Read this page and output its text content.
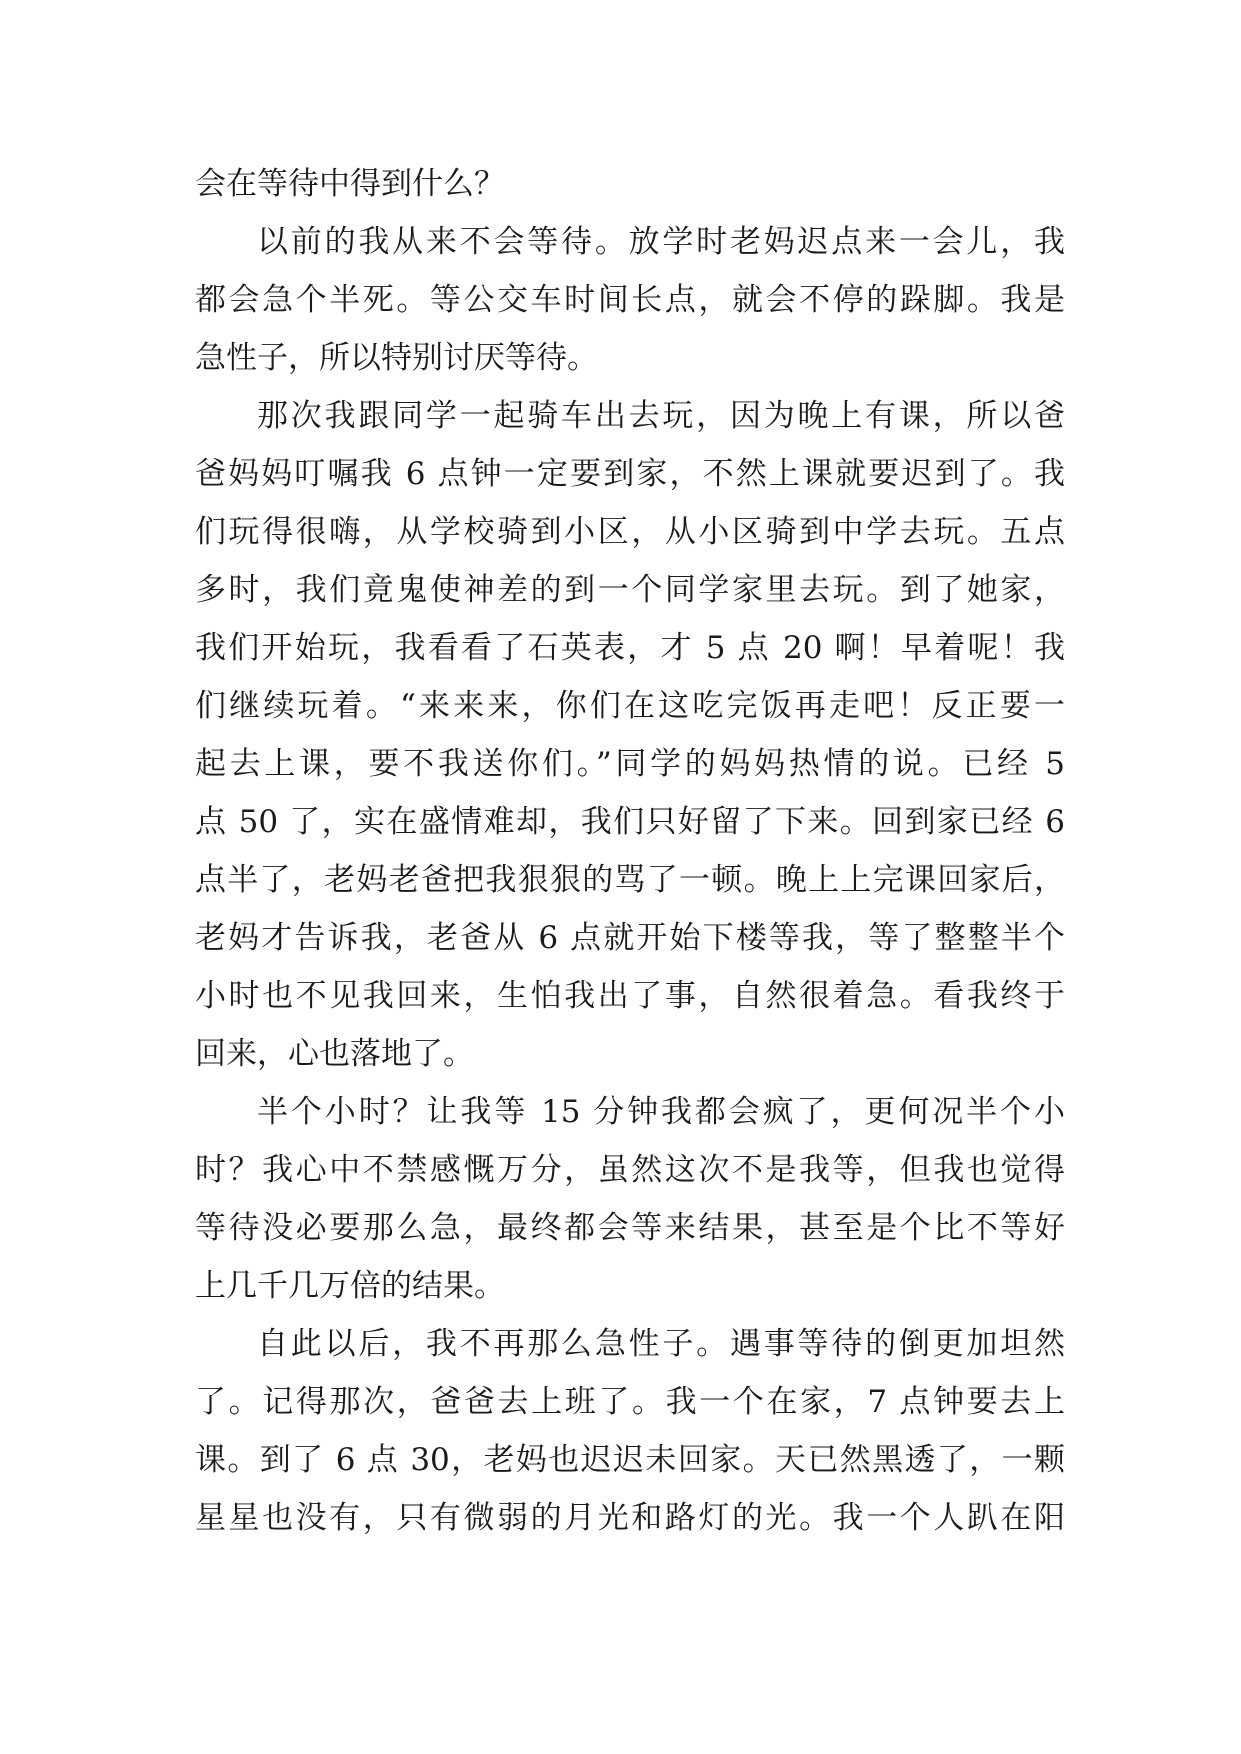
会在等待中得到什么？
以前的我从来不会等待。放学时老妈迟点来一会儿，我
都会急个半死。等公交车时间长点，就会不停的跺脚。我是
急性子，所以特别讨厌等待。
那次我跟同学一起骑车出去玩，因为晚上有课，所以爸
爸妈妈叮嘱我 6 点钟一定要到家，不然上课就要迟到了。我
们玩得很嗨，从学校骑到小区，从小区骑到中学去玩。五点
多时，我们竟鬼使神差的到一个同学家里去玩。到了她家，
我们开始玩，我看看了石英表，才 5 点 20 啊！早着呢！我
们继续玩着。“来来来，你们在这吃完饭再走吧！反正要一
起去上课，要不我送你们。”同学的妈妈热情的说。已经 5
点 50 了，实在盛情难却，我们只好留了下来。回到家已经 6
点半了，老妈老爸把我狠狠的骂了一顿。晚上上完课回家后，
老妈才告诉我，老爸从 6 点就开始下楼等我，等了整整半个
小时也不见我回来，生怕我出了事，自然很着急。看我终于
回来，心也落地了。
半个小时？让我等 15 分钟我都会疯了，更何况半个小
时？我心中不禁感慨万分，虽然这次不是我等，但我也觉得
等待没必要那么急，最终都会等来结果，甚至是个比不等好
上几千几万倍的结果。
自此以后，我不再那么急性子。遇事等待的倒更加坦然
了。记得那次，爸爸去上班了。我一个在家，7 点钟要去上
课。到了 6 点 30，老妈也迟迟未回家。天已然黑透了，一颗
星星也没有，只有微弱的月光和路灯的光。我一个人趴在阳
